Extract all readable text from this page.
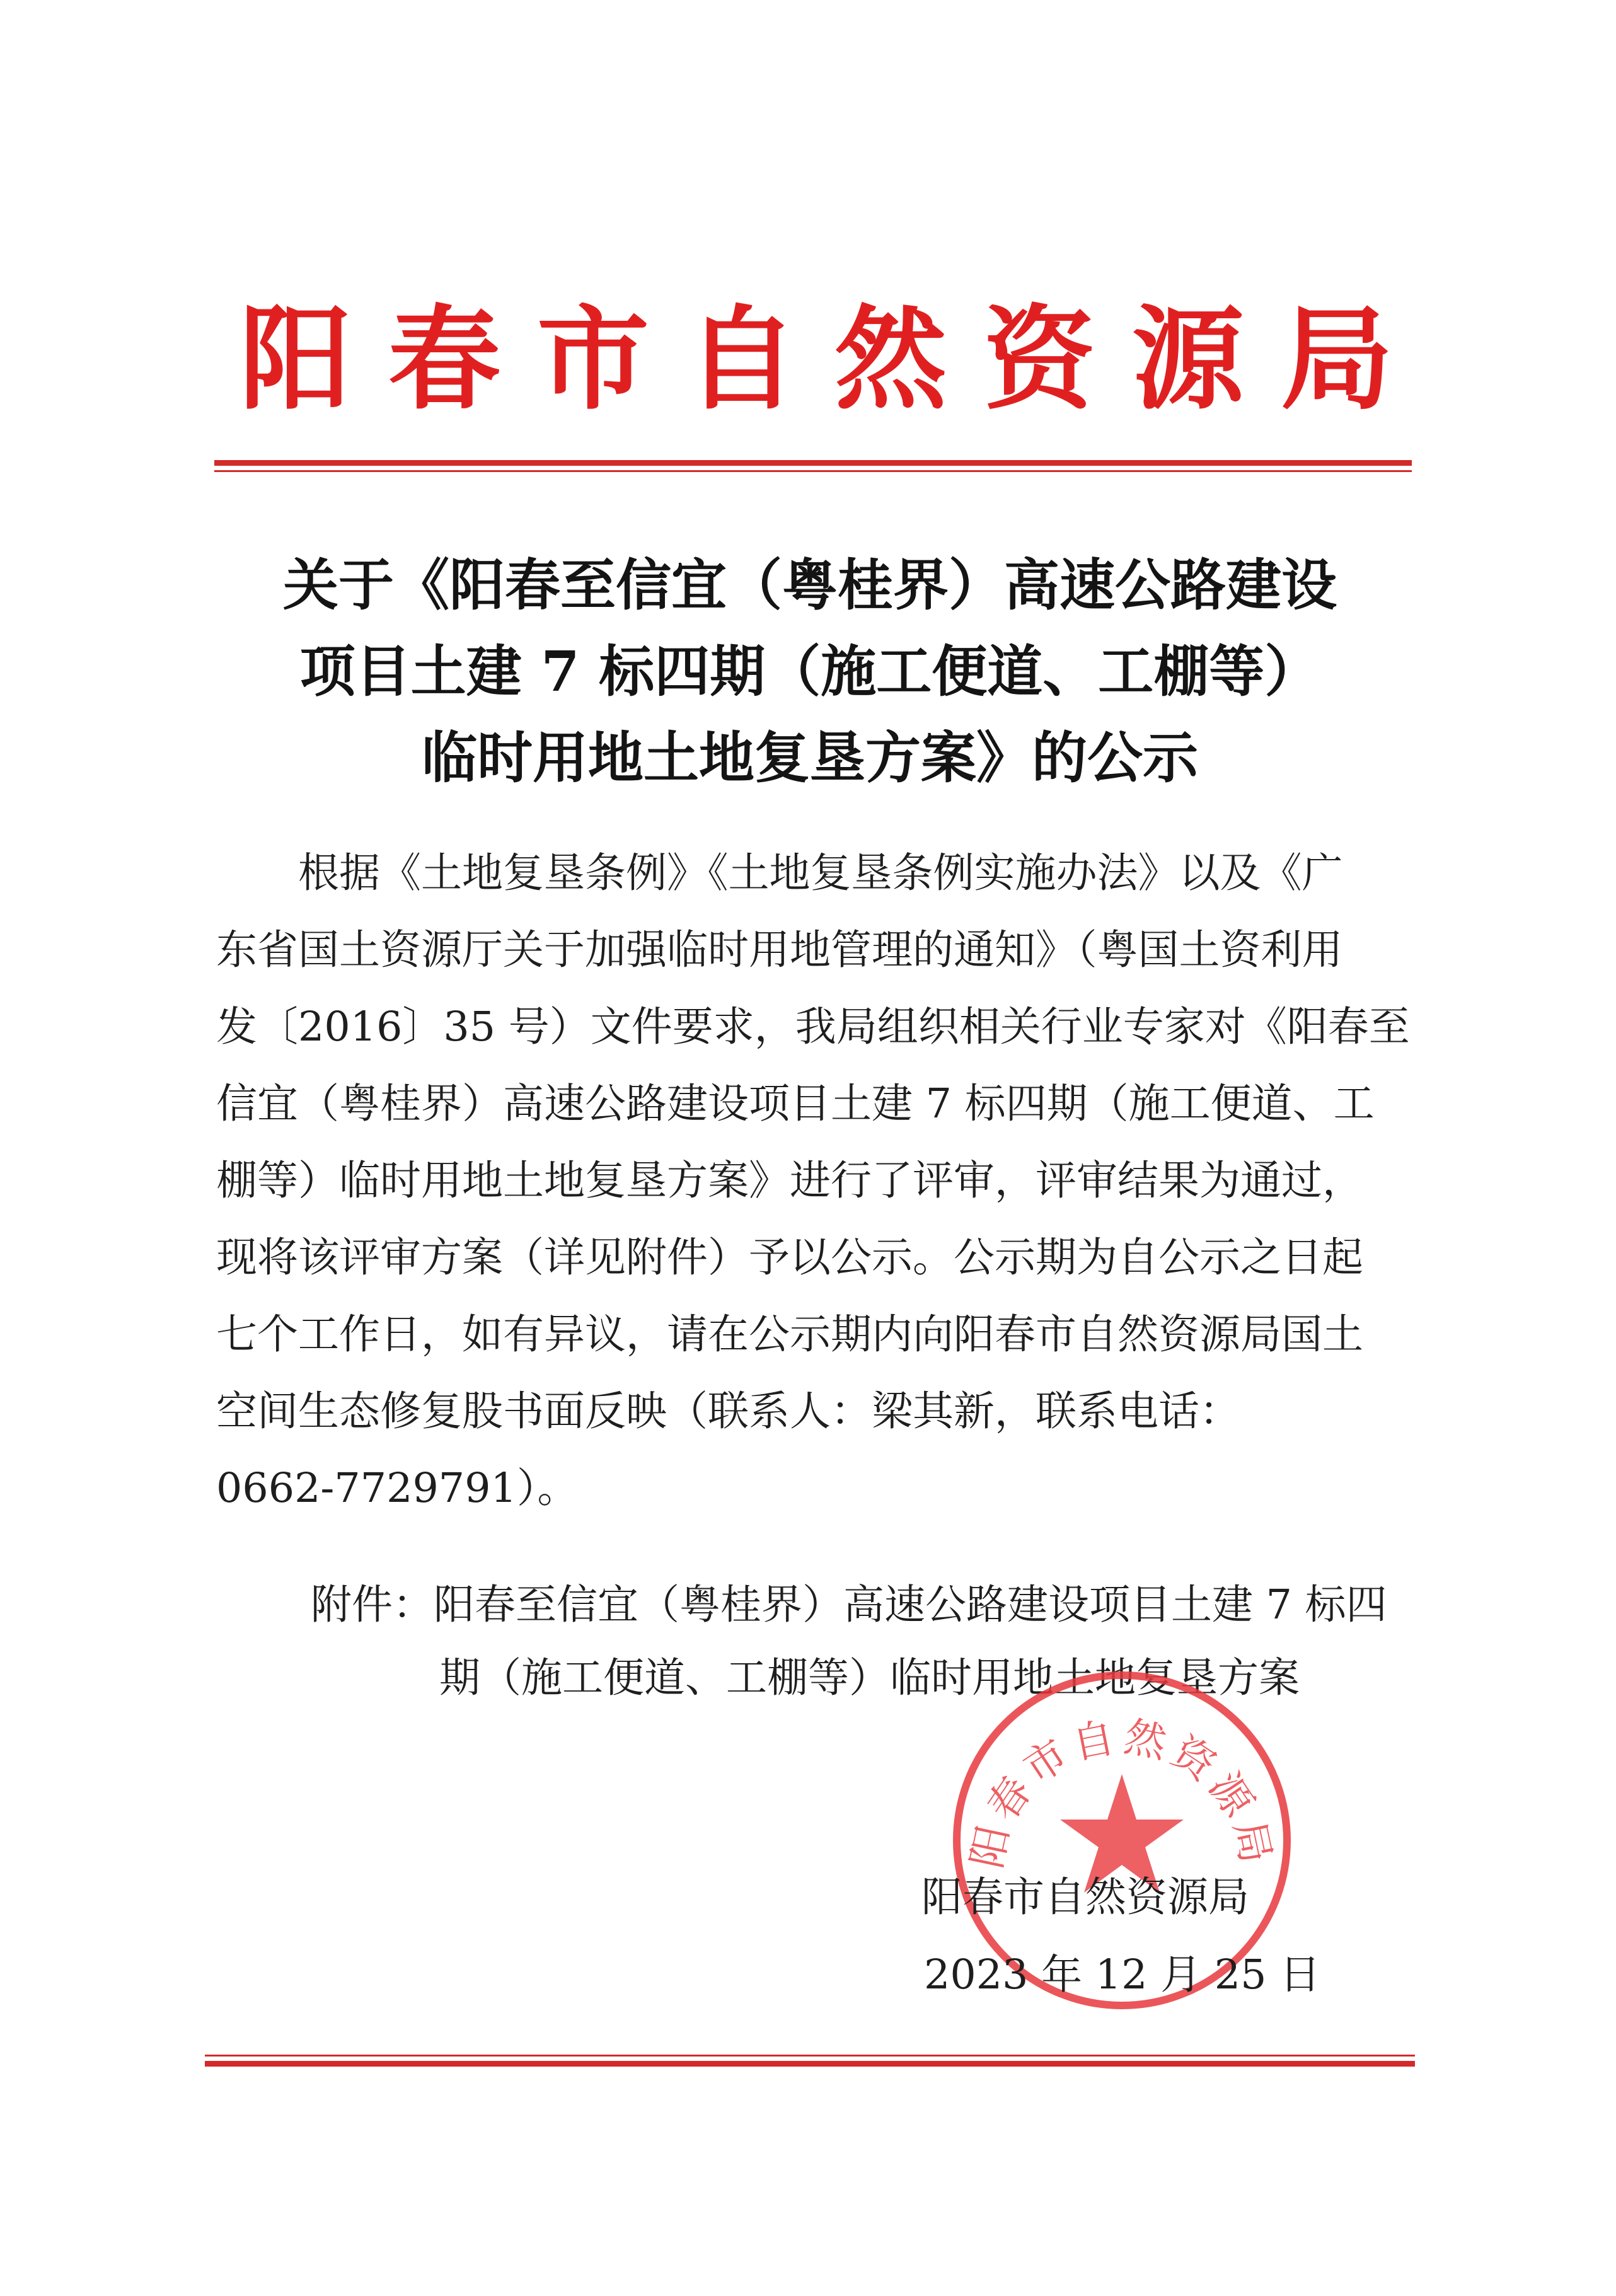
阳 春 市 自 然 资 源 局
关于《阳春至信宜（粤桂界）高速公路建设
项目土建 7 标四期（施工便道、工棚等）
临时用地土地复垦方案》的公示
　　根据《土地复垦条例》《土地复垦条例实施办法》以及《广
东省国土资源厅关于加强临时用地管理的通知》（粤国土资利用
发〔2016〕35 号）文件要求，我局组织相关行业专家对《阳春至
信宜（粤桂界）高速公路建设项目土建 7 标四期（施工便道、工
棚等）临时用地土地复垦方案》进行了评审，评审结果为通过，
现将该评审方案（详见附件）予以公示。公示期为自公示之日起
七个工作日，如有异议，请在公示期内向阳春市自然资源局国土
空间生态修复股书面反映（联系人：梁其新，联系电话：
0662-7729791）。
附件：阳春至信宜（粤桂界）高速公路建设项目土建 7 标四
期（施工便道、工棚等）临时用地土地复垦方案
阳春市自然资源局
阳春市自然资源局
2023 年 12 月 25 日
